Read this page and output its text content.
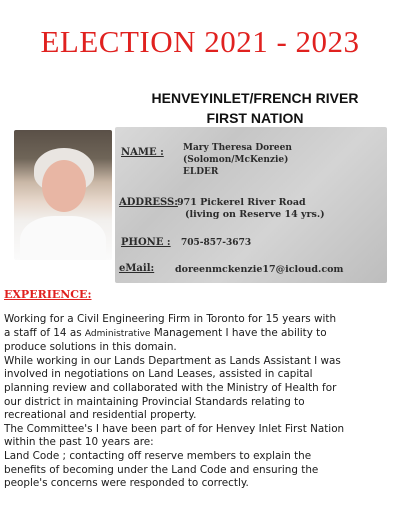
ELECTION 2021 - 2023
HENVEYINLET/FRENCH RIVER
FIRST NATION
NAME : Mary Theresa Doreen
(Solomon/McKenzie)
ELDER
ADDRESS: 971 Pickerel River Road
(living on Reserve 14 yrs.)
PHONE : 705-857-3673
eMail: doreenmckenzie17@icloud.com
EXPERIENCE:

Working for a Civil Engineering Firm in Toronto for 15 years with

a staff of 14 as Administrative Management I have the ability to

produce solutions in this domain.

While working in our Lands Department as Lands Assistant I was

involved in negotiations on Land Leases, assisted in capital

planning review and collaborated with the Ministry of Health for

our district in maintaining Provincial Standards relating to

recreational and residential property.

The Committee's I have been part of for Henvey Inlet First Nation

within the past 10 years are:

Land Code ; contacting off reserve members to explain the

benefits of becoming under the Land Code and ensuring the

people's concerns were responded to correctly.
